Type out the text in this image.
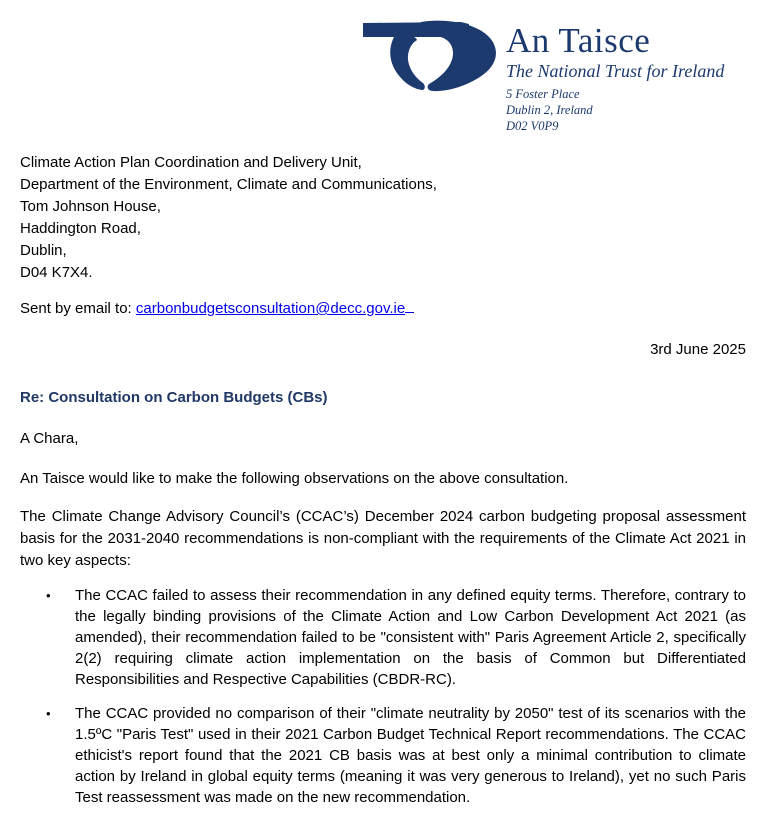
An Taisce
The National Trust for Ireland
5 Foster Place
Dublin 2, Ireland
D02 V0P9
Climate Action Plan Coordination and Delivery Unit,
Department of the Environment, Climate and Communications,
Tom Johnson House,
Haddington Road,
Dublin,
D04 K7X4.
Sent by email to: carbonbudgetsconsultation@decc.gov.ie
3rd June 2025
Re: Consultation on Carbon Budgets (CBs)
A Chara,
An Taisce would like to make the following observations on the above consultation.
The Climate Change Advisory Council’s (CCAC’s) December 2024 carbon budgeting proposal assessment basis for the 2031-2040 recommendations is non-compliant with the requirements of the Climate Act 2021 in two key aspects:
•	The CCAC failed to assess their recommendation in any defined equity terms. Therefore, contrary to the legally binding provisions of the Climate Action and Low Carbon Development Act 2021 (as amended), their recommendation failed to be "consistent with" Paris Agreement Article 2, specifically 2(2) requiring climate action implementation on the basis of Common but Differentiated Responsibilities and Respective Capabilities (CBDR-RC).
•	The CCAC provided no comparison of their "climate neutrality by 2050" test of its scenarios with the 1.5ºC "Paris Test" used in their 2021 Carbon Budget Technical Report recommendations. The CCAC ethicist's report found that the 2021 CB basis was at best only a minimal contribution to climate action by Ireland in global equity terms (meaning it was very generous to Ireland), yet no such Paris Test reassessment was made on the new recommendation.
